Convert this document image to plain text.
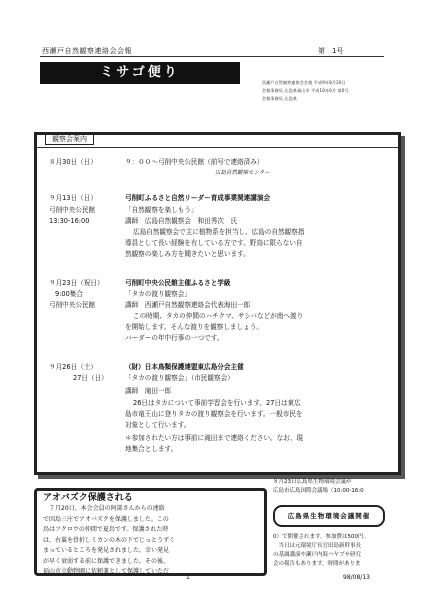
西瀬戸自然観察連絡会会報	第　1号
ミサゴ便り
西瀬戸自然観察連絡会会報 平成9年8月20日
会報事務局 広島県福山市 平成10年6月 第6号
会報事務局 広島県
観察会案内
８月30日（日）	９：００～弓削中央公民館（前号で連絡済み）
広島自然観察センター
９月13日（日）	弓削町ふるさと自然リーダー育成事業関連講演会
弓削中央公民館	「自然観察を楽しもう」
13:30-16:00	講師　広島自然観察会　和田秀次　氏
広島自然観察会で主に植物系を担当し、広島の自然観察指
導員として長い経験を有している方です。野鳥に限らない自
然観察の楽しみ方を聞きたいと思います。
９月23日（祝日）	弓削町中央公民館主催ふるさと学級
9:00集合	「タカの渡り観察会」
弓削中央公民館	講師　西瀬戸自然観察連絡会代表海田一郎
この時期、タカの仲間のハチクマ、サシバなどが南へ渡り
を開始します。そんな渡りを観察しましょう。
バーダーの年中行事の一つです。
９月26日（土）	（財）日本鳥類保護連盟東広島分会主催
27日（日）	「タカの渡り観察会」（市民観察会）
講師　滝田一郎
26日はタカについて事前学習会を行います。27日は東広
島市竜王山に登りタカの渡り観察会を行います。一般市民を
対象として行います。
＊参加されたい方は事前に滝田まで連絡ください。なお、現
地集合とします。
アオバズク保護される
　７月20日、本会会員の阿部さんからの連絡
で因島三庄でアオバズクを保護しました。この
鳥はフクロウの仲間で夏鳥です。保護された時
は、右翼を骨折しミカンの木の下でじっとうずく
まっているところを発見されました。幸い発見
が早く衰弱する前に保護できました。その後、
福山市立動物園に依頼兼として保護していただ
８月23日広島県生物環境会議が
広島市広島国際会議場（10:00-16:0
広島県生物環境会議開催
0）で開催されます。参加費は500円。
　当日は元環境庁長官田島新幹事長
の基調講演や瀬戸内海ハヤブサ研究
会の報告もあります。時間がありま
1	98/08/13
